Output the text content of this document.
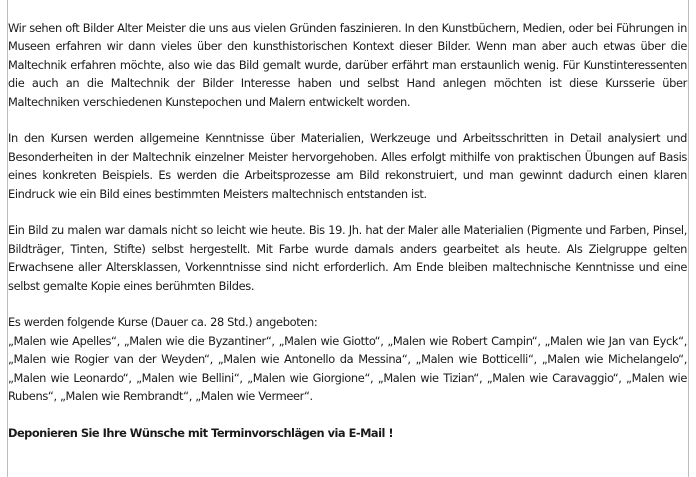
Wir sehen oft Bilder Alter Meister die uns aus vielen Gründen faszinieren. In den Kunstbüchern, Medien, oder bei Führungen in Museen erfahren wir dann vieles über den kunsthistorischen Kontext dieser Bilder. Wenn man aber auch etwas über die Maltechnik erfahren möchte, also wie das Bild gemalt wurde, darüber erfährt man erstaunlich wenig. Für Kunstinteressenten die auch an die Maltechnik der Bilder Interesse haben und selbst Hand anlegen möchten ist diese Kursserie über Maltechniken verschiedenen Kunstepochen und Malern entwickelt worden.

In den Kursen werden allgemeine Kenntnisse über Materialien, Werkzeuge und Arbeitsschritten in Detail analysiert und Besonderheiten in der Maltechnik einzelner Meister hervorgehoben. Alles erfolgt mithilfe von praktischen Übungen auf Basis eines konkreten Beispiels. Es werden die Arbeitsprozesse am Bild rekonstruiert, und man gewinnt dadurch einen klaren Eindruck wie ein Bild eines bestimmten Meisters maltechnisch entstanden ist.

Ein Bild zu malen war damals nicht so leicht wie heute. Bis 19. Jh. hat der Maler alle Materialien (Pigmente und Farben, Pinsel, Bildträger, Tinten, Stifte) selbst hergestellt. Mit Farbe wurde damals anders gearbeitet als heute. Als Zielgruppe gelten Erwachsene aller Altersklassen, Vorkenntnisse sind nicht erforderlich. Am Ende bleiben maltechnische Kenntnisse und eine selbst gemalte Kopie eines berühmten Bildes.

Es werden folgende Kurse (Dauer ca. 28 Std.) angeboten:

„Malen wie Apelles“, „Malen wie die Byzantiner“, „Malen wie Giotto“, „Malen wie Robert Campin“, „Malen wie Jan van Eyck“, „Malen wie Rogier van der Weyden“, „Malen wie Antonello da Messina“, „Malen wie Botticelli“, „Malen wie Michelangelo“, „Malen wie Leonardo“, „Malen wie Bellini“, „Malen wie Giorgione“, „Malen wie Tizian“, „Malen wie Caravaggio“, „Malen wie Rubens“, „Malen wie Rembrandt“, „Malen wie Vermeer“.

Deponieren Sie Ihre Wünsche mit Terminvorschlägen via E-Mail !
